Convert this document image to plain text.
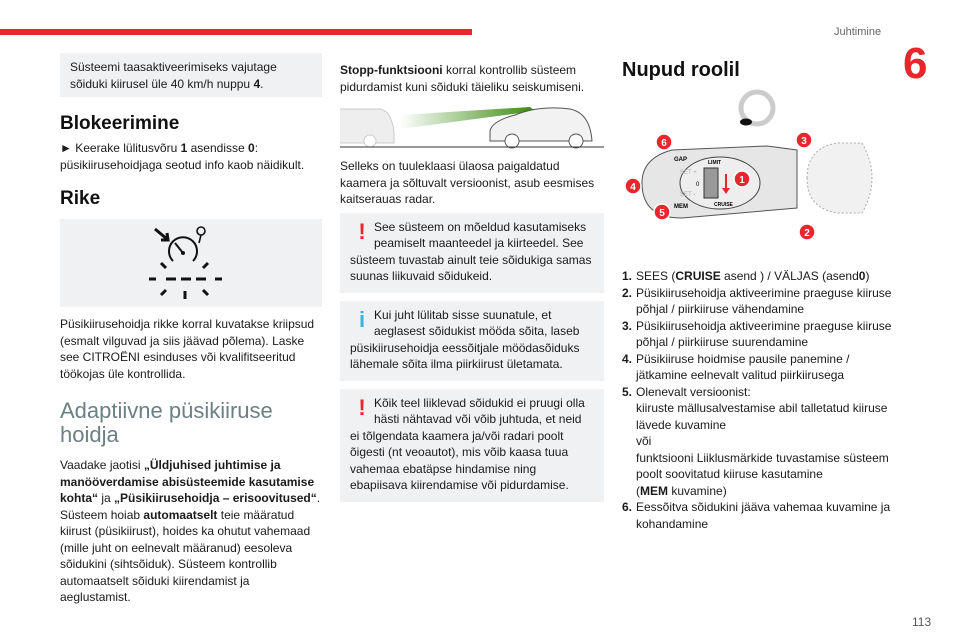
Juhtimine
6
113
Süsteemi taasaktiveerimiseks vajutage sõiduki kiirusel üle 40 km/h nuppu 4.
Blokeerimine

► Keerake lülitusvõru 1 asendisse 0: püsikiirusehoidjaga seotud info kaob näidikult.

Rike

Püsikiirusehoidja rikke korral kuvatakse kriipsud (esmalt vilguvad ja siis jäävad põlema). Laske see CITROËNI esinduses või kvalifitseeritud töökojas üle kontrollida.

Adaptiivne püsikiiruse hoidja

Vaadake jaotisi „Üldjuhised juhtimise ja manööverdamise abisüsteemide kasutamise kohta“ ja „Püsikiirusehoidja – erisoovitused“. Süsteem hoiab automaatselt teie määratud kiirust (püsikiirust), hoides ka ohutut vahemaad (mille juht on eelnevalt määranud) eesoleva sõidukini (sihtsõiduk). Süsteem kontrollib automaatselt sõiduki kiirendamist ja aeglustamist.

Stopp-funktsiooni korral kontrollib süsteem pidurdamist kuni sõiduki täieliku seiskumiseni.

Selleks on tuuleklaasi ülaosa paigaldatud kaamera ja sõltuvalt versioonist, asub eesmises kaitserauas radar.

! See süsteem on mõeldud kasutamiseks peamiselt maanteedel ja kiirteedel. See süsteem tuvastab ainult teie sõidukiga samas suunas liikuvaid sõidukeid.
i Kui juht lülitab sisse suunatule, et aeglasest sõidukist mööda sõita, laseb püsikiirusehoidja eessõitjale möödasõiduks lähemale sõita ilma piirkiirust ületamata.
! Kõik teel liiklevad sõidukid ei pruugi olla hästi nähtavad või võib juhtuda, et neid ei tõlgendata kaamera ja/või radari poolt õigesti (nt veoautot), mis võib kaasa tuua vahemaa ebatäpse hindamise ning ebapiisava kiirendamise või pidurdamise.
Nupud roolil
GAP
SET +
SET -
MEM
LIMIT
CRUISE
0	1
2
3
4
5
6
1. SEES (CRUISE asend ) / VÄLJAS (asend0)
2. Püsikiirusehoidja aktiveerimine praeguse kiiruse põhjal / piirkiiruse vähendamine
3. Püsikiirusehoidja aktiveerimine praeguse kiiruse põhjal / piirkiiruse suurendamine
4. Püsikiiruse hoidmise pausile panemine / jätkamine eelnevalt valitud piirkiirusega
5. Olenevalt versioonist:
kiiruste mällusalvestamise abil talletatud kiiruse lävede kuvamine
või
funktsiooni Liiklusmärkide tuvastamise süsteem poolt soovitatud kiiruse kasutamine
(MEM kuvamine)
6. Eessõitva sõidukini jääva vahemaa kuvamine ja kohandamine
